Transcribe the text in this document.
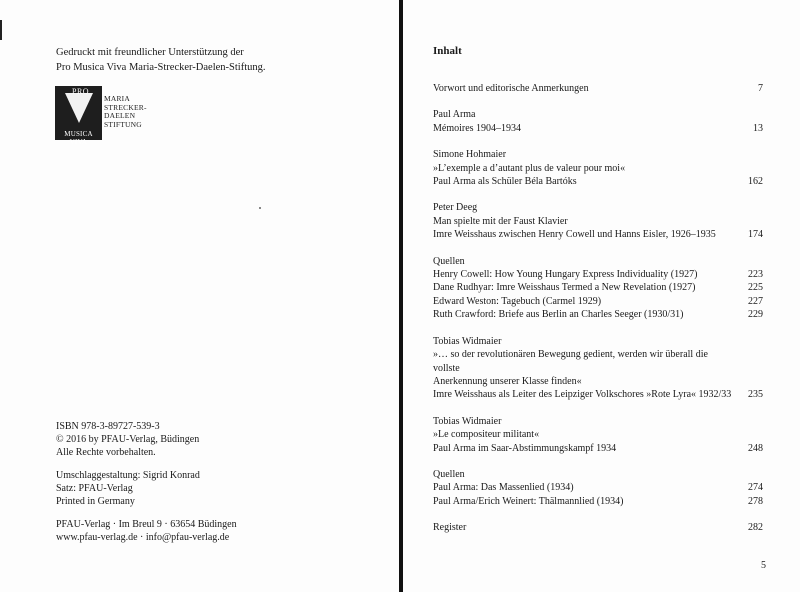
Gedruckt mit freundlicher Unterstützung der
Pro Musica Viva Maria-Strecker-Daelen-Stiftung.
PRO
MUSICA VIVA
MARIA
STRECKER-
DAELEN
STIFTUNG
ISBN 978-3-89727-539-3
© 2016 by PFAU-Verlag, Büdingen
Alle Rechte vorbehalten.
Umschlaggestaltung: Sigrid Konrad
Satz: PFAU-Verlag
Printed in Germany
PFAU-Verlag · Im Breul 9 · 63654 Büdingen
www.pfau-verlag.de · info@pfau-verlag.de
Inhalt
Vorwort und editorische Anmerkungen	7
Paul Arma
Mémoires 1904–1934	13
Simone Hohmaier
»L’exemple a d’autant plus de valeur pour moi«
Paul Arma als Schüler Béla Bartóks	162
Peter Deeg
Man spielte mit der Faust Klavier
Imre Weisshaus zwischen Henry Cowell und Hanns Eisler, 1926–1935	174
Quellen
Henry Cowell: How Young Hungary Express Individuality (1927)	223
Dane Rudhyar: Imre Weisshaus Termed a New Revelation (1927)	225
Edward Weston: Tagebuch (Carmel 1929)	227
Ruth Crawford: Briefe aus Berlin an Charles Seeger (1930/31)	229
Tobias Widmaier
»… so der revolutionären Bewegung gedient, werden wir überall die vollste
Anerkennung unserer Klasse finden«
Imre Weisshaus als Leiter des Leipziger Volkschores »Rote Lyra« 1932/33	235
Tobias Widmaier
»Le compositeur militant«
Paul Arma im Saar-Abstimmungskampf 1934	248
Quellen
Paul Arma: Das Massenlied (1934)	274
Paul Arma/Erich Weinert: Thälmannlied (1934)	278
Register	282
5
